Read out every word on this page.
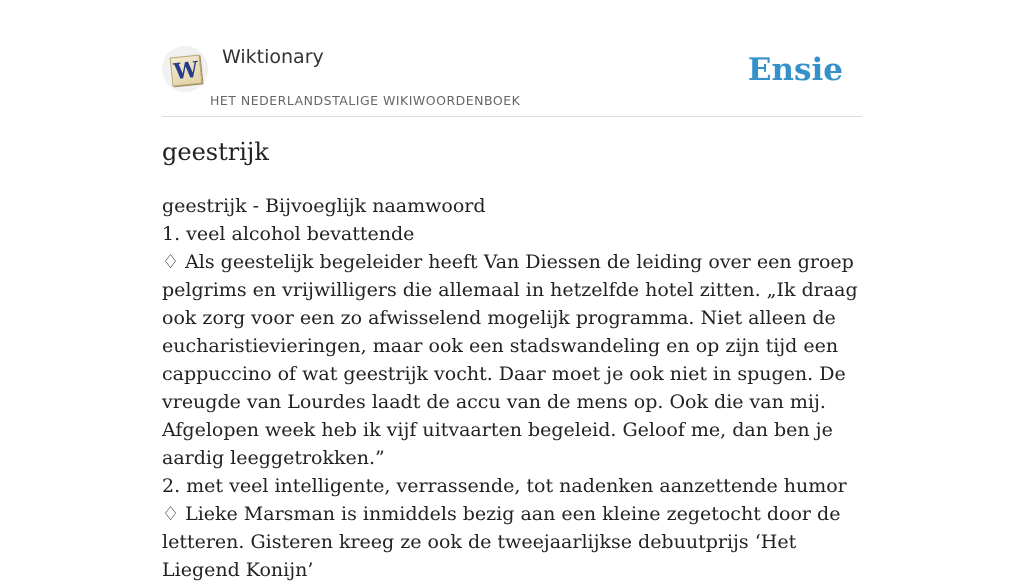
W Wiktionary
HET NEDERLANDSTALIGE WIKIWOORDENBOEK
Ensie
geestrijk

geestrijk - Bijvoeglijk naamwoord

1. veel alcohol bevattende

♢ Als geestelijk begeleider heeft Van Diessen de leiding over een groep pelgrims en vrijwilligers die allemaal in hetzelfde hotel zitten. „Ik draag ook zorg voor een zo afwisselend mogelijk programma. Niet alleen de eucharistievieringen, maar ook een stadswandeling en op zijn tijd een cappuccino of wat geestrijk vocht. Daar moet je ook niet in spugen. De vreugde van Lourdes laadt de accu van de mens op. Ook die van mij. Afgelopen week heb ik vijf uitvaarten begeleid. Geloof me, dan ben je aardig leeggetrokken.”

2. met veel intelligente, verrassende, tot nadenken aanzettende humor

♢ Lieke Marsman is inmiddels bezig aan een kleine zegetocht door de letteren. Gisteren kreeg ze ook de tweejaarlijkse debuutprijs ‘Het Liegend Konijn’
